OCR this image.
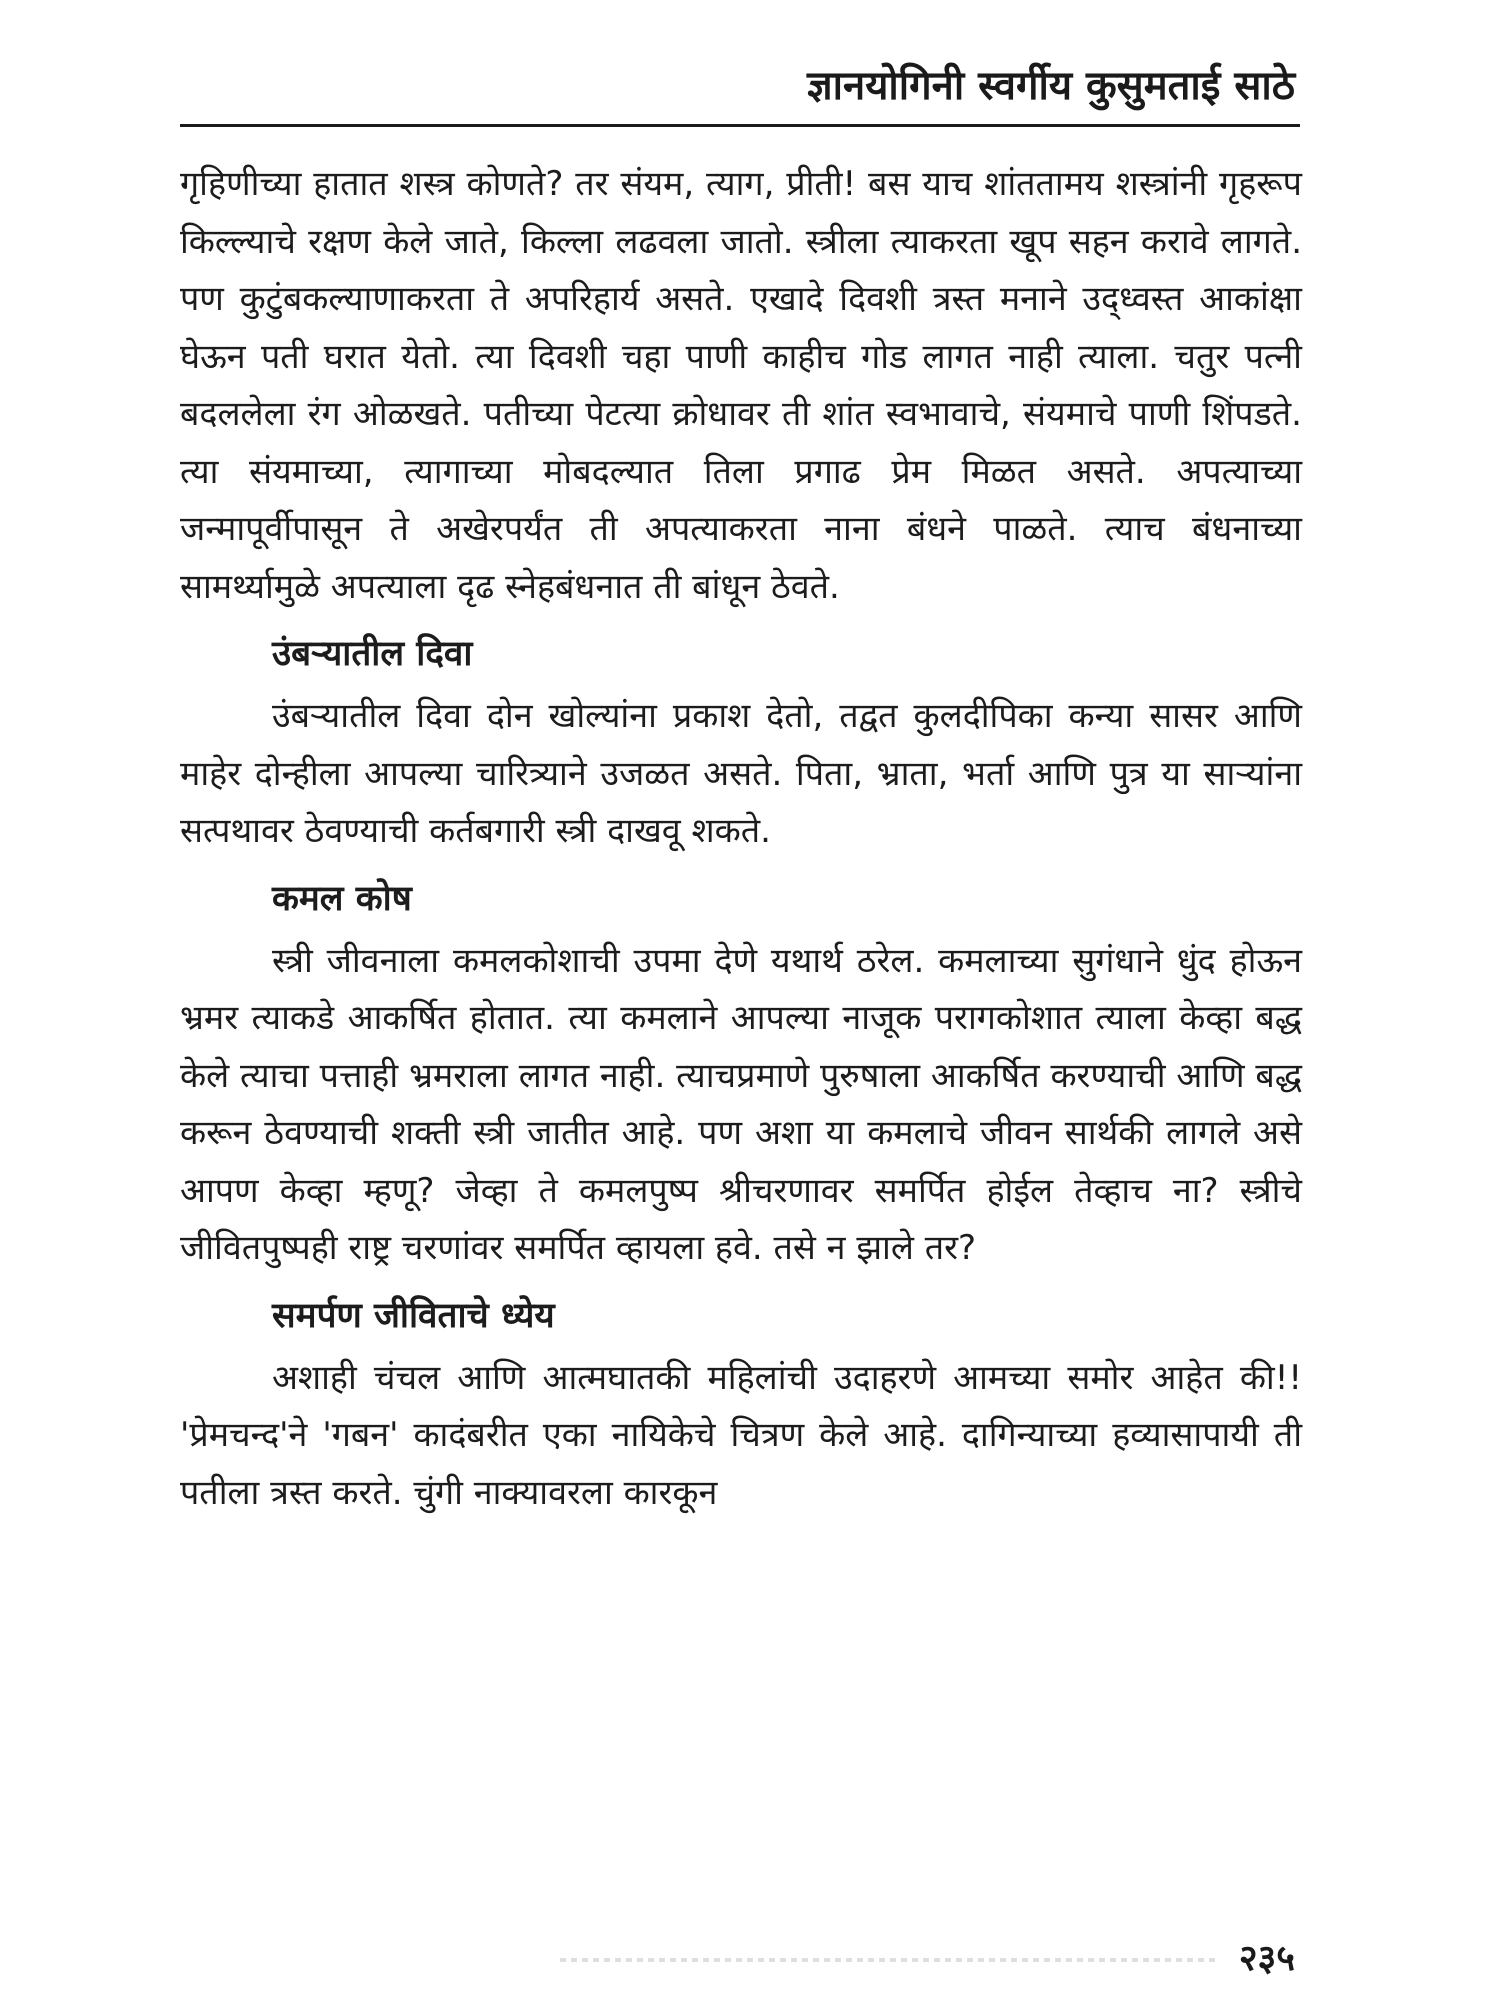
ज्ञानयोगिनी स्वर्गीय कुसुमताई साठे

गृहिणीच्या हातात शस्त्र कोणते? तर संयम, त्याग, प्रीती! बस याच शांततामय शस्त्रांनी गृहरूप किल्ल्याचे रक्षण केले जाते, किल्ला लढवला जातो. स्त्रीला त्याकरता खूप सहन करावे लागते. पण कुटुंबकल्याणाकरता ते अपरिहार्य असते. एखादे दिवशी त्रस्त मनाने उद्ध्वस्त आकांक्षा घेऊन पती घरात येतो. त्या दिवशी चहा पाणी काहीच गोड लागत नाही त्याला. चतुर पत्नी बदललेला रंग ओळखते. पतीच्या पेटत्या क्रोधावर ती शांत स्वभावाचे, संयमाचे पाणी शिंपडते. त्या संयमाच्या, त्यागाच्या मोबदल्यात तिला प्रगाढ प्रेम मिळत असते. अपत्याच्या जन्मापूर्वीपासून ते अखेरपर्यंत ती अपत्याकरता नाना बंधने पाळते. त्याच बंधनाच्या सामर्थ्यामुळे अपत्याला दृढ स्नेहबंधनात ती बांधून ठेवते.

उंबऱ्यातील दिवा

उंबऱ्यातील दिवा दोन खोल्यांना प्रकाश देतो, तद्वत कुलदीपिका कन्या सासर आणि माहेर दोन्हीला आपल्या चारित्र्याने उजळत असते. पिता, भ्राता, भर्ता आणि पुत्र या साऱ्यांना सत्पथावर ठेवण्याची कर्तबगारी स्त्री दाखवू शकते.

कमल कोष

स्त्री जीवनाला कमलकोशाची उपमा देणे यथार्थ ठरेल. कमलाच्या सुगंधाने धुंद होऊन भ्रमर त्याकडे आकर्षित होतात. त्या कमलाने आपल्या नाजूक परागकोशात त्याला केव्हा बद्ध केले त्याचा पत्ताही भ्रमराला लागत नाही. त्याचप्रमाणे पुरुषाला आकर्षित करण्याची आणि बद्ध करून ठेवण्याची शक्ती स्त्री जातीत आहे. पण अशा या कमलाचे जीवन सार्थकी लागले असे आपण केव्हा म्हणू? जेव्हा ते कमलपुष्प श्रीचरणावर समर्पित होईल तेव्हाच ना? स्त्रीचे जीवितपुष्पही राष्ट्र चरणांवर समर्पित व्हायला हवे. तसे न झाले तर?

समर्पण जीविताचे ध्येय

अशाही चंचल आणि आत्मघातकी महिलांची उदाहरणे आमच्या समोर आहेत की!! 'प्रेमचन्द'ने 'गबन' कादंबरीत एका नायिकेचे चित्रण केले आहे. दागिन्याच्या हव्यासापायी ती पतीला त्रस्त करते. चुंगी नाक्यावरला कारकून

२३५
